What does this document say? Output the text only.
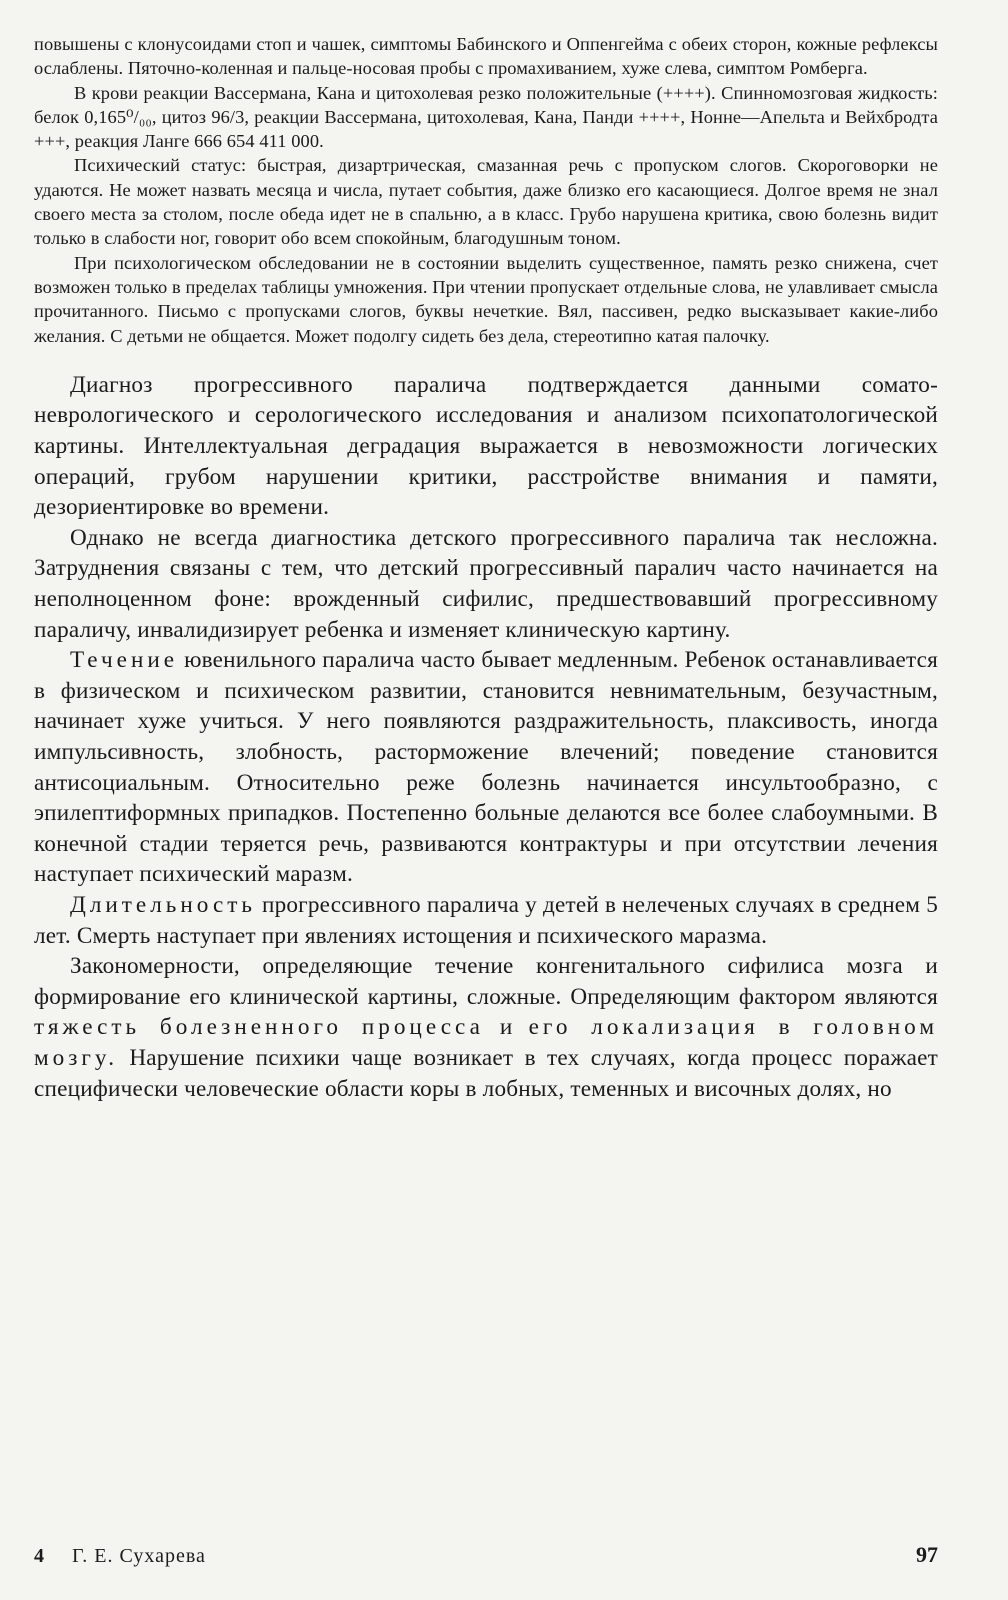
повышены с клонусоидами стоп и чашек, симптомы Бабинского и Оппенгейма с обеих сторон, кожные рефлексы ослаблены. Пяточно-коленная и пальце-носовая пробы с промахиванием, хуже слева, симптом Ромберга.

В крови реакции Вассермана, Кана и цитохолевая резко положительные (++++). Спинномозговая жидкость: белок 0,165⁰/₀₀, цитоз 96/3, реакции Вассермана, цитохолевая, Кана, Панди ++++, Нонне—Апельта и Вейхбродта +++, реакция Ланге 666 654 411 000.

Психический статус: быстрая, дизартрическая, смазанная речь с пропуском слогов. Скороговорки не удаются. Не может назвать месяца и числа, путает события, даже близко его касающиеся. Долгое время не знал своего места за столом, после обеда идет не в спальню, а в класс. Грубо нарушена критика, свою болезнь видит только в слабости ног, говорит обо всем спокойным, благодушным тоном.

При психологическом обследовании не в состоянии выделить существенное, память резко снижена, счет возможен только в пределах таблицы умножения. При чтении пропускает отдельные слова, не улавливает смысла прочитанного. Письмо с пропусками слогов, буквы нечеткие. Вял, пассивен, редко высказывает какие-либо желания. С детьми не общается. Может подолгу сидеть без дела, стереотипно катая палочку.

Диагноз прогрессивного паралича подтверждается данными сомато-неврологического и серологического исследования и анализом психопатологической картины. Интеллектуальная деградация выражается в невозможности логических операций, грубом нарушении критики, расстройстве внимания и памяти, дезориентировке во времени.

Однако не всегда диагностика детского прогрессивного паралича так несложна. Затруднения связаны с тем, что детский прогрессивный паралич часто начинается на неполноценном фоне: врожденный сифилис, предшествовавший прогрессивному параличу, инвалидизирует ребенка и изменяет клиническую картину.

Течение ювенильного паралича часто бывает медленным. Ребенок останавливается в физическом и психическом развитии, становится невнимательным, безучастным, начинает хуже учиться. У него появляются раздражительность, плаксивость, иногда импульсивность, злобность, расторможение влечений; поведение становится антисоциальным. Относительно реже болезнь начинается инсультообразно, с эпилептиформных припадков. Постепенно больные делаются все более слабоумными. В конечной стадии теряется речь, развиваются контрактуры и при отсутствии лечения наступает психический маразм.

Длительность прогрессивного паралича у детей в нелеченых случаях в среднем 5 лет. Смерть наступает при явлениях истощения и психического маразма.

Закономерности, определяющие течение конгенитального сифилиса мозга и формирование его клинической картины, сложные. Определяющим фактором являются тяжесть болезненного процесса и его локализация в головном мозгу. Нарушение психики чаще возникает в тех случаях, когда процесс поражает специфически человеческие области коры в лобных, теменных и височных долях, но

4 Г. Е. Сухарева	97
